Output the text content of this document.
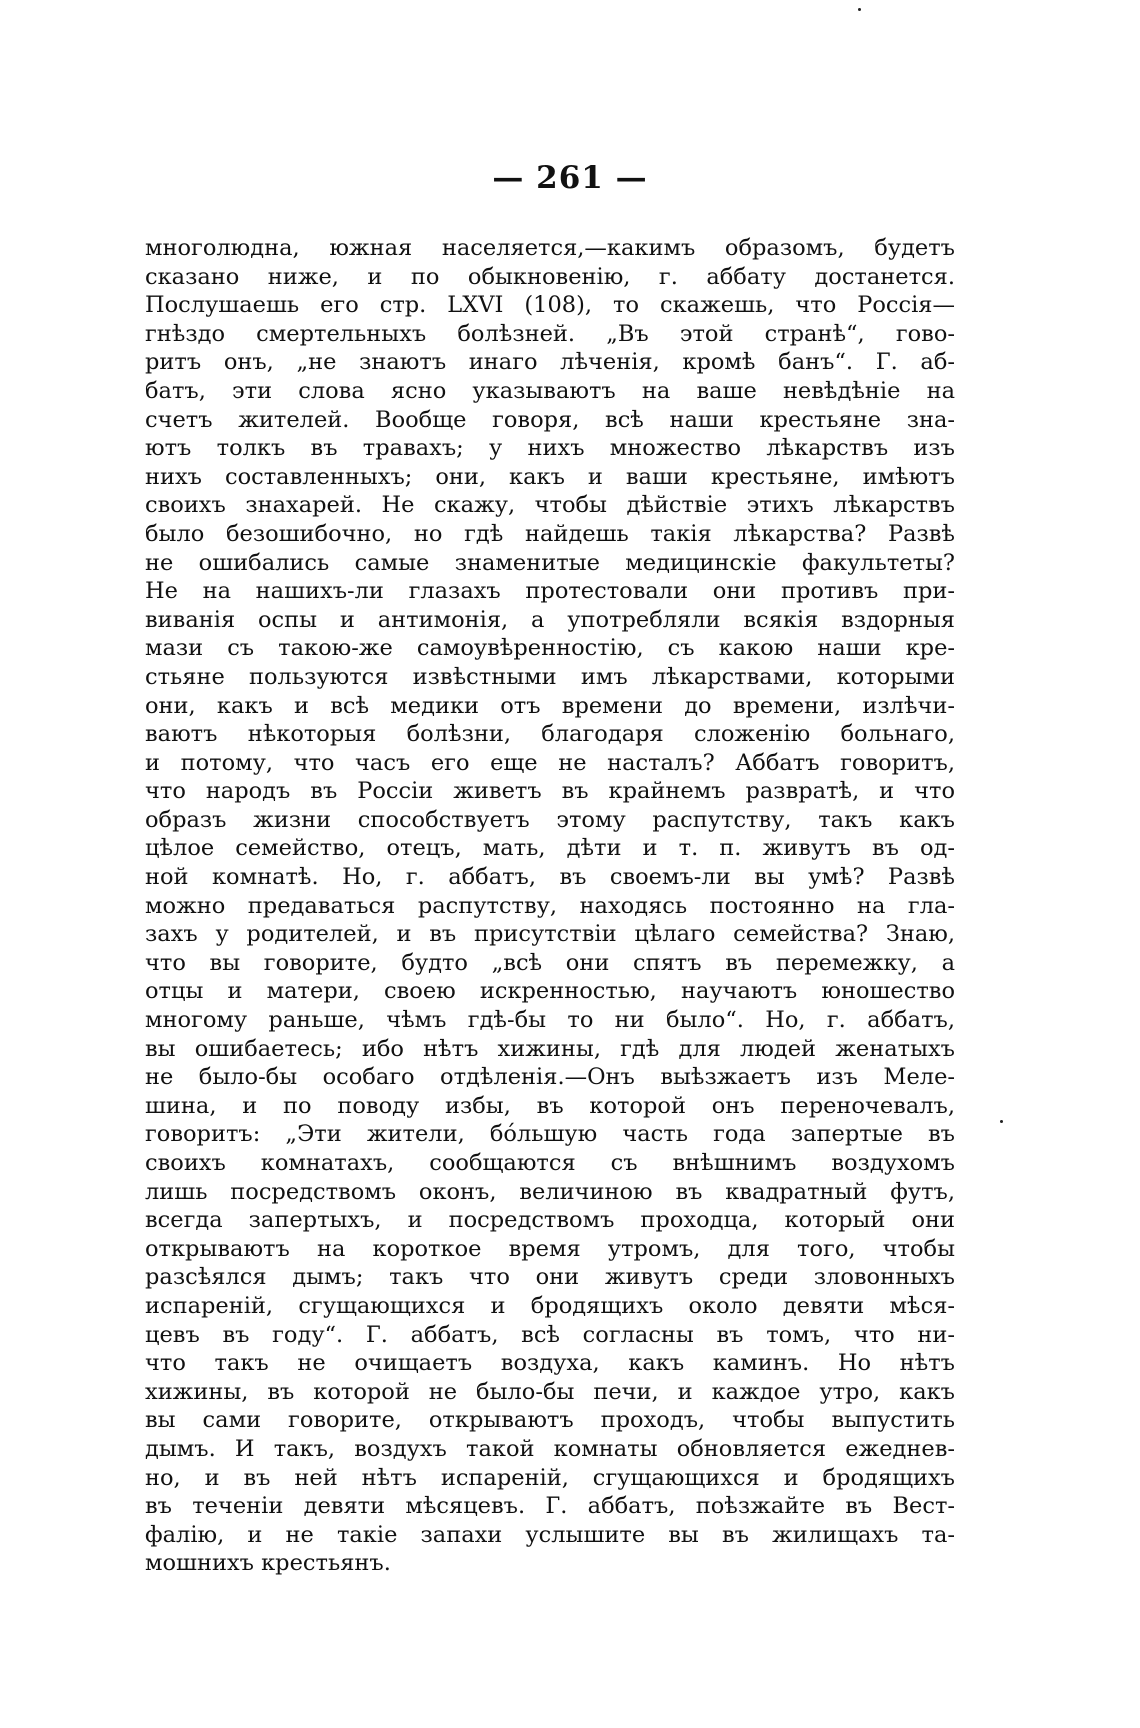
— 261 —
многолюдна, южная населяется,—какимъ образомъ, будетъ
сказано ниже, и по обыкновенію, г. аббату достанется.
Послушаешь его стр. LXVI (108), то скажешь, что Россія—
гнѣздо смертельныхъ болѣзней. „Въ этой странѣ“, гово-
ритъ онъ, „не знаютъ инаго лѣченія, кромѣ банъ“. Г. аб-
батъ, эти слова ясно указываютъ на ваше невѣдѣніе на
счетъ жителей. Вообще говоря, всѣ наши крестьяне зна-
ютъ толкъ въ травахъ; у нихъ множество лѣкарствъ изъ
нихъ составленныхъ; они, какъ и ваши крестьяне, имѣютъ
своихъ знахарей. Не скажу, чтобы дѣйствіе этихъ лѣкарствъ
было безошибочно, но гдѣ найдешь такія лѣкарства? Развѣ
не ошибались самые знаменитые медицинскіе факультеты?
Не на нашихъ-ли глазахъ протестовали они противъ при-
виванія оспы и антимонія, а употребляли всякія вздорныя
мази съ такою-же самоувѣренностію, съ какою наши кре-
стьяне пользуются извѣстными имъ лѣкарствами, которыми
они, какъ и всѣ медики отъ времени до времени, излѣчи-
ваютъ нѣкоторыя болѣзни, благодаря сложенію больнаго,
и потому, что часъ его еще не насталъ? Аббатъ говоритъ,
что народъ въ Россіи живетъ въ крайнемъ развратѣ, и что
образъ жизни способствуетъ этому распутству, такъ какъ
цѣлое семейство, отецъ, мать, дѣти и т. п. живутъ въ од-
ной комнатѣ. Но, г. аббатъ, въ своемъ-ли вы умѣ? Развѣ
можно предаваться распутству, находясь постоянно на гла-
захъ у родителей, и въ присутствіи цѣлаго семейства? Знаю,
что вы говорите, будто „всѣ они спятъ въ перемежку, а
отцы и матери, своею искренностью, научаютъ юношество
многому раньше, чѣмъ гдѣ-бы то ни было“. Но, г. аббатъ,
вы ошибаетесь; ибо нѣтъ хижины, гдѣ для людей женатыхъ
не было-бы особаго отдѣленія.—Онъ выѣзжаетъ изъ Меле-
шина, и по поводу избы, въ которой онъ переночевалъ,
говоритъ: „Эти жители, бо́льшую часть года запертые въ
своихъ комнатахъ, сообщаются съ внѣшнимъ воздухомъ
лишь посредствомъ оконъ, величиною въ квадратный футъ,
всегда запертыхъ, и посредствомъ проходца, который они
открываютъ на короткое время утромъ, для того, чтобы
разсѣялся дымъ; такъ что они живутъ среди зловонныхъ
испареній, сгущающихся и бродящихъ около девяти мѣся-
цевъ въ году“. Г. аббатъ, всѣ согласны въ томъ, что ни-
что такъ не очищаетъ воздуха, какъ каминъ. Но нѣтъ
хижины, въ которой не было-бы печи, и каждое утро, какъ
вы сами говорите, открываютъ проходъ, чтобы выпустить
дымъ. И такъ, воздухъ такой комнаты обновляется ежеднев-
но, и въ ней нѣтъ испареній, сгущающихся и бродящихъ
въ теченіи девяти мѣсяцевъ. Г. аббатъ, поѣзжайте въ Вест-
фалію, и не такіе запахи услышите вы въ жилищахъ та-
мошнихъ крестьянъ.
